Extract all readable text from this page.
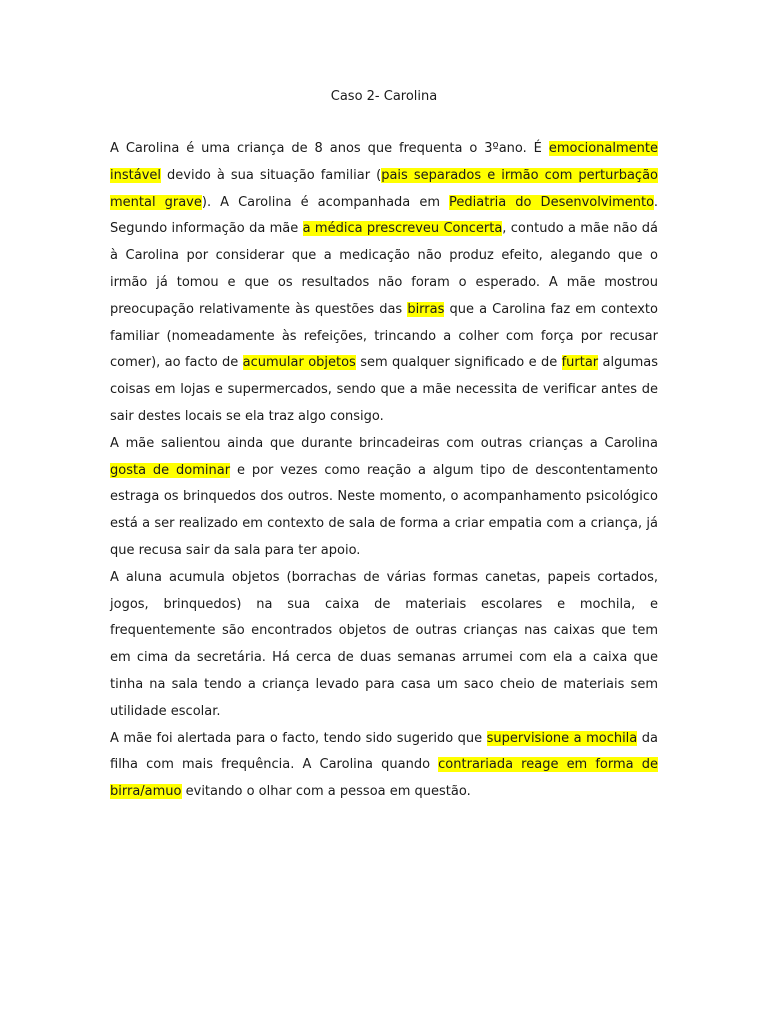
Caso 2- Carolina

A Carolina é uma criança de 8 anos que frequenta o 3ºano. É emocionalmente instável devido à sua situação familiar (pais separados e irmão com perturbação mental grave). A Carolina é acompanhada em Pediatria do Desenvolvimento. Segundo informação da mãe a médica prescreveu Concerta, contudo a mãe não dá à Carolina por considerar que a medicação não produz efeito, alegando que o irmão já tomou e que os resultados não foram o esperado. A mãe mostrou preocupação relativamente às questões das birras que a Carolina faz em contexto familiar (nomeadamente às refeições, trincando a colher com força por recusar comer), ao facto de acumular objetos sem qualquer significado e de furtar algumas coisas em lojas e supermercados, sendo que a mãe necessita de verificar antes de sair destes locais se ela traz algo consigo.

A mãe salientou ainda que durante brincadeiras com outras crianças a Carolina gosta de dominar e por vezes como reação a algum tipo de descontentamento estraga os brinquedos dos outros. Neste momento, o acompanhamento psicológico está a ser realizado em contexto de sala de forma a criar empatia com a criança, já que recusa sair da sala para ter apoio.

A aluna acumula objetos (borrachas de várias formas canetas, papeis cortados, jogos, brinquedos) na sua caixa de materiais escolares e mochila, e frequentemente são encontrados objetos de outras crianças nas caixas que tem em cima da secretária. Há cerca de duas semanas arrumei com ela a caixa que tinha na sala tendo a criança levado para casa um saco cheio de materiais sem utilidade escolar.

A mãe foi alertada para o facto, tendo sido sugerido que supervisione a mochila da filha com mais frequência. A Carolina quando contrariada reage em forma de birra/amuo evitando o olhar com a pessoa em questão.
